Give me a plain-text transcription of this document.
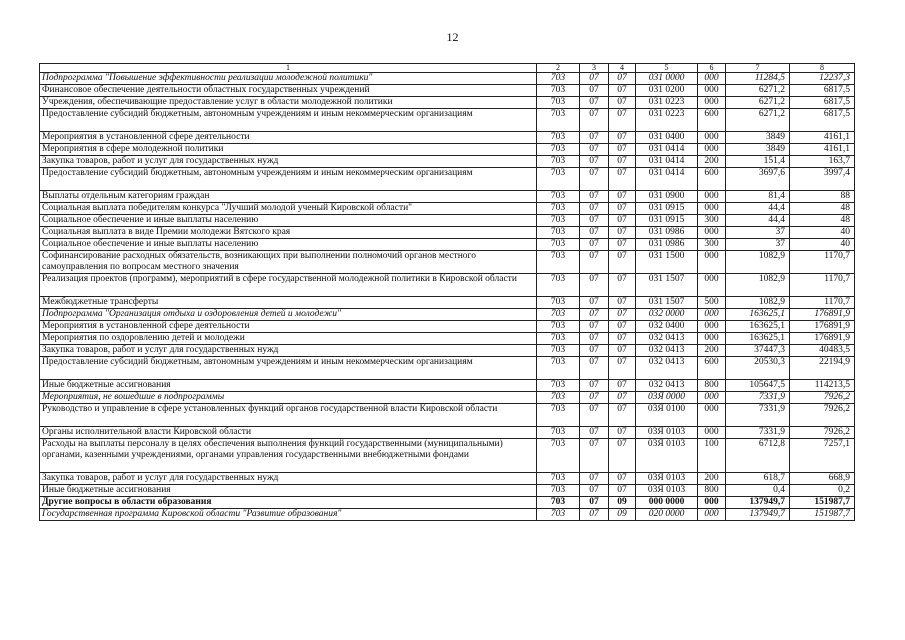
12
1	2	3	4	5	6	7	8
Подпрограмма "Повышение эффективности реализации молодежной политики"	703	07	07	031 0000	000	11284,5	12237,3
Финансовое обеспечение деятельности областных государственных учреждений	703	07	07	031 0200	000	6271,2	6817,5
Учреждения, обеспечивающие предоставление услуг в области молодежной политики	703	07	07	031 0223	000	6271,2	6817,5
Предоставление субсидий бюджетным, автономным учреждениям и иным некоммерческим организациям	703	07	07	031 0223	600	6271,2	6817,5
Мероприятия в установленной сфере деятельности	703	07	07	031 0400	000	3849	4161,1
Мероприятия в сфере молодежной политики	703	07	07	031 0414	000	3849	4161,1
Закупка товаров, работ и услуг для государственных нужд	703	07	07	031 0414	200	151,4	163,7
Предоставление субсидий бюджетным, автономным учреждениям и иным некоммерческим организациям	703	07	07	031 0414	600	3697,6	3997,4
Выплаты отдельным категориям граждан	703	07	07	031 0900	000	81,4	88
Социальная выплата победителям конкурса "Лучший молодой ученый Кировской области"	703	07	07	031 0915	000	44,4	48
Социальное обеспечение и иные выплаты населению	703	07	07	031 0915	300	44,4	48
Социальная выплата в виде Премии молодежи Вятского края	703	07	07	031 0986	000	37	40
Социальное обеспечение и иные выплаты населению	703	07	07	031 0986	300	37	40
Софинансирование расходных обязательств, возникающих при выполнении полномочий органов местного самоуправления по вопросам местного значения	703	07	07	031 1500	000	1082,9	1170,7
Реализация проектов (программ), мероприятий в сфере государственной молодежной политики в Кировской области	703	07	07	031 1507	000	1082,9	1170,7
Межбюджетные трансферты	703	07	07	031 1507	500	1082,9	1170,7
Подпрограмма "Организация отдыха и оздоровления детей и молодежи"	703	07	07	032 0000	000	163625,1	176891,9
Мероприятия в установленной сфере деятельности	703	07	07	032 0400	000	163625,1	176891,9
Мероприятия по оздоровлению детей и молодежи	703	07	07	032 0413	000	163625,1	176891,9
Закупка товаров, работ и услуг для государственных нужд	703	07	07	032 0413	200	37447,3	40483,5
Предоставление субсидий бюджетным, автономным учреждениям и иным некоммерческим организациям	703	07	07	032 0413	600	20530,3	22194,9
Иные бюджетные ассигнования	703	07	07	032 0413	800	105647,5	114213,5
Мероприятия, не вошедшие в подпрограммы	703	07	07	03Я 0000	000	7331,9	7926,2
Руководство и управление в сфере установленных функций органов государственной власти Кировской области	703	07	07	03Я 0100	000	7331,9	7926,2
Органы исполнительной власти Кировской области	703	07	07	03Я 0103	000	7331,9	7926,2
Расходы на выплаты персоналу в целях обеспечения выполнения функций государственными (муниципальными) органами, казенными учреждениями, органами управления государственными внебюджетными фондами	703	07	07	03Я 0103	100	6712,8	7257,1
Закупка товаров, работ и услуг для государственных нужд	703	07	07	03Я 0103	200	618,7	668,9
Иные бюджетные ассигнования	703	07	07	03Я 0103	800	0,4	0,2
Другие вопросы в области образования	703	07	09	000 0000	000	137949,7	151987,7
Государственная программа Кировской области "Развитие образования"	703	07	09	020 0000	000	137949,7	151987,7
